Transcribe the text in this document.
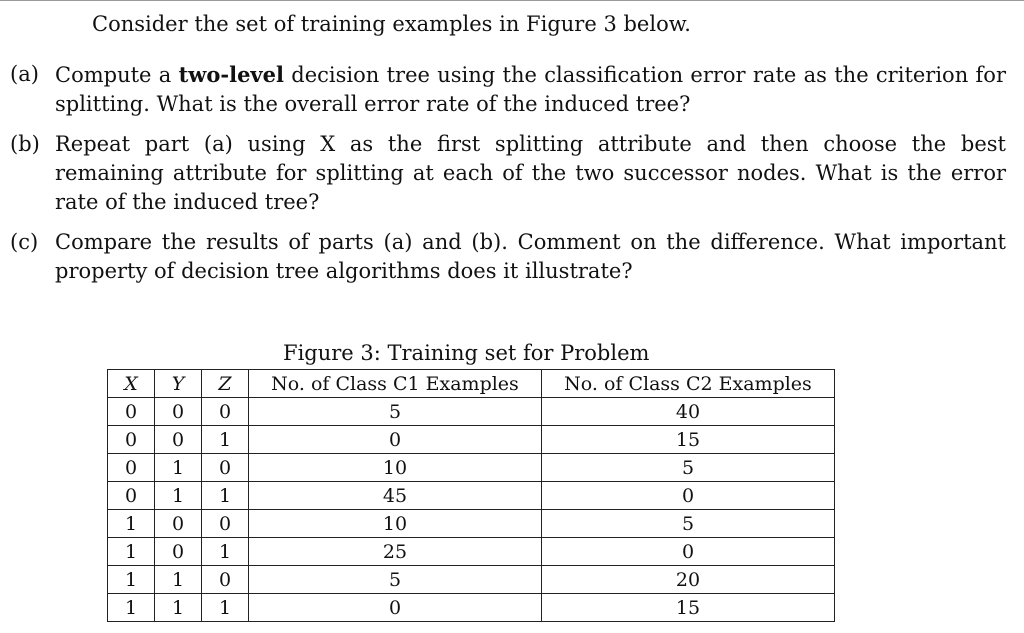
Consider the set of training examples in Figure 3 below.
(a) Compute a two-level decision tree using the classification error rate as the criterion for splitting. What is the overall error rate of the induced tree?
(b) Repeat part (a) using X as the first splitting attribute and then choose the best remaining attribute for splitting at each of the two successor nodes. What is the error rate of the induced tree?
(c) Compare the results of parts (a) and (b). Comment on the difference. What important property of decision tree algorithms does it illustrate?
Figure 3: Training set for Problem
X	Y	Z	No. of Class C1 Examples	No. of Class C2 Examples
0	0	0	5	40
0	0	1	0	15
0	1	0	10	5
0	1	1	45	0
1	0	0	10	5
1	0	1	25	0
1	1	0	5	20
1	1	1	0	15
